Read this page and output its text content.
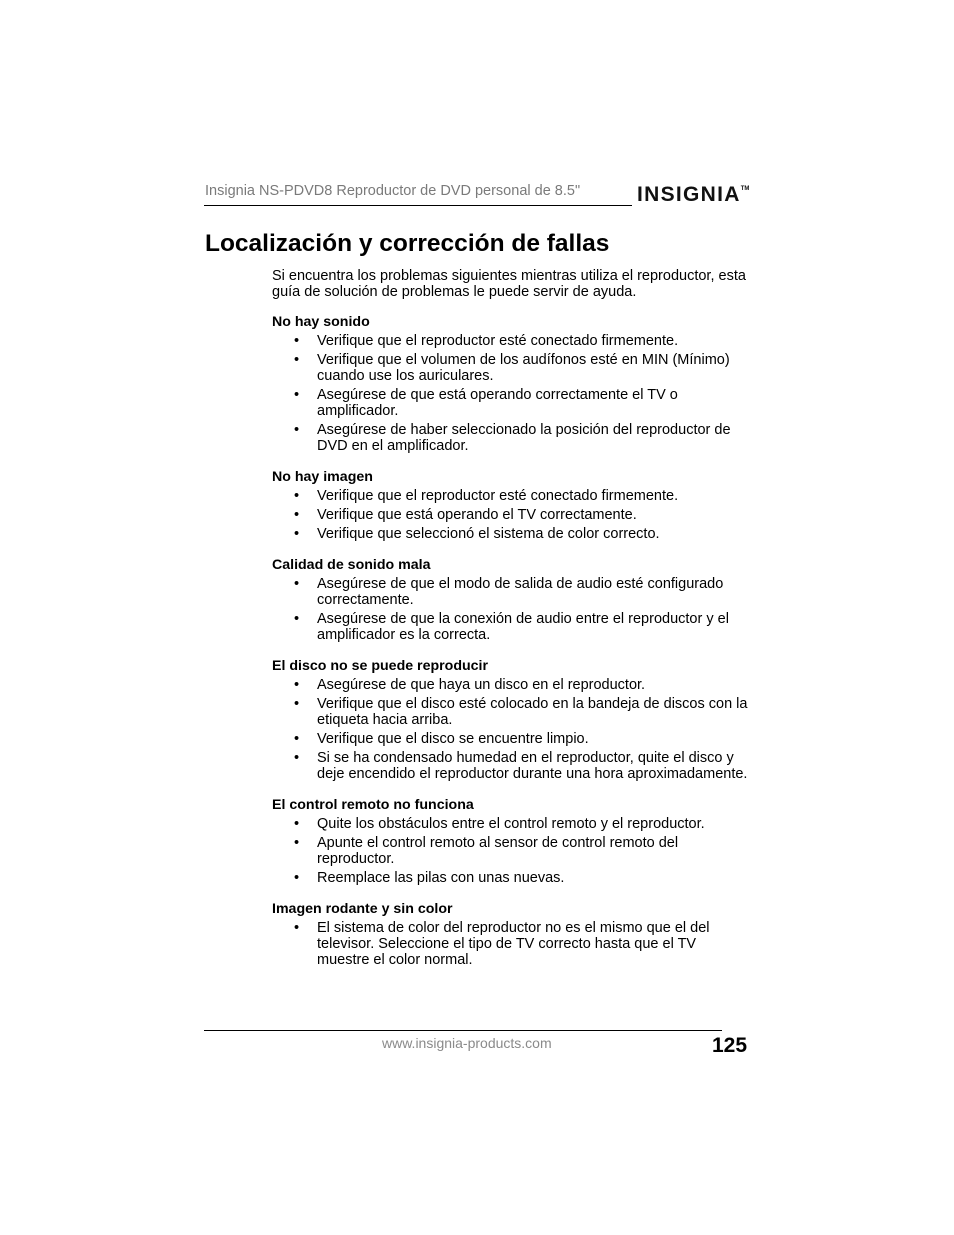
Insignia NS-PDVD8 Reproductor de DVD personal de 8.5"	INSIGNIA™
Localización y corrección de fallas

Si encuentra los problemas siguientes mientras utiliza el reproductor, esta guía de solución de problemas le puede servir de ayuda.

No hay sonido
• Verifique que el reproductor esté conectado firmemente.
• Verifique que el volumen de los audífonos esté en MIN (Mínimo) cuando use los auriculares.
• Asegúrese de que está operando correctamente el TV o amplificador.
• Asegúrese de haber seleccionado la posición del reproductor de DVD en el amplificador.
No hay imagen
• Verifique que el reproductor esté conectado firmemente.
• Verifique que está operando el TV correctamente.
• Verifique que seleccionó el sistema de color correcto.
Calidad de sonido mala
• Asegúrese de que el modo de salida de audio esté configurado correctamente.
• Asegúrese de que la conexión de audio entre el reproductor y el amplificador es la correcta.
El disco no se puede reproducir
• Asegúrese de que haya un disco en el reproductor.
• Verifique que el disco esté colocado en la bandeja de discos con la etiqueta hacia arriba.
• Verifique que el disco se encuentre limpio.
• Si se ha condensado humedad en el reproductor, quite el disco y deje encendido el reproductor durante una hora aproximadamente.
El control remoto no funciona
• Quite los obstáculos entre el control remoto y el reproductor.
• Apunte el control remoto al sensor de control remoto del reproductor.
• Reemplace las pilas con unas nuevas.
Imagen rodante y sin color
• El sistema de color del reproductor no es el mismo que el del televisor. Seleccione el tipo de TV correcto hasta que el TV muestre el color normal.
www.insignia-products.com	125
